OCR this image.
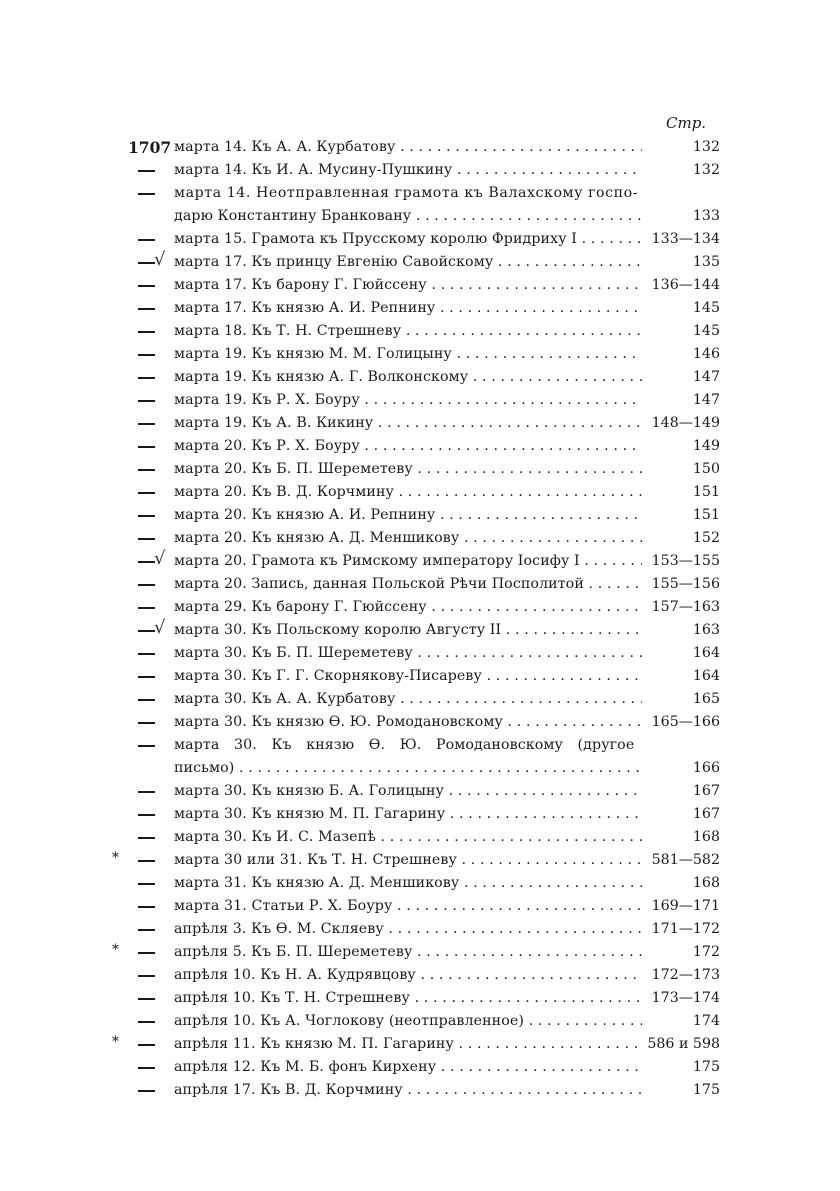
Стр.
1707 марта 14. Къ А. А. Курбатову . . .	132
марта 14. Къ И. А. Мусину-Пушкину . . .	132
марта 14. Неотправленная грамота къ Валахскому госпо-
дарю Константину Бранковану . . .	133
марта 15. Грамота къ Прусскому королю Фридриху I . . .	133—134
√ марта 17. Къ принцу Евгенію Савойскому . . .	135
марта 17. Къ барону Г. Гюйссену . . .	136—144
марта 17. Къ князю А. И. Репнину . . .	145
марта 18. Къ Т. Н. Стрешневу . . .	145
марта 19. Къ князю М. М. Голицыну . . .	146
марта 19. Къ князю А. Г. Волконскому . . .	147
марта 19. Къ Р. Х. Боуру . . .	147
марта 19. Къ А. В. Кикину . . .	148—149
марта 20. Къ Р. Х. Боуру . . .	149
марта 20. Къ Б. П. Шереметеву . . .	150
марта 20. Къ В. Д. Корчмину . . .	151
марта 20. Къ князю А. И. Репнину . . .	151
марта 20. Къ князю А. Д. Меншикову . . .	152
√ марта 20. Грамота къ Римскому императору Іосифу I . . .	153—155
марта 20. Запись, данная Польской Рѣчи Посполитой . . .	155—156
марта 29. Къ барону Г. Гюйссену . . .	157—163
√ марта 30. Къ Польскому королю Августу II . . .	163
марта 30. Къ Б. П. Шереметеву . . .	164
марта 30. Къ Г. Г. Скорнякову-Писареву . . .	164
марта 30. Къ А. А. Курбатову . . .	165
марта 30. Къ князю Ѳ. Ю. Ромодановскому . . .	165—166
марта 30. Къ князю Ѳ. Ю. Ромодановскому (другое
письмо) . . .	166
марта 30. Къ князю Б. А. Голицыну . . .	167
марта 30. Къ князю М. П. Гагарину . . .	167
марта 30. Къ И. С. Мазепѣ . . .	168
*	марта 30 или 31. Къ Т. Н. Стрешневу . . .	581—582
марта 31. Къ князю А. Д. Меншикову . . .	168
марта 31. Статьи Р. Х. Боуру . . .	169—171
апрѣля 3. Къ Ѳ. М. Скляеву . . .	171—172
*	апрѣля 5. Къ Б. П. Шереметеву . . .	172
апрѣля 10. Къ Н. А. Кудрявцову . . .	172—173
апрѣля 10. Къ Т. Н. Стрешневу . . .	173—174
апрѣля 10. Къ А. Чоглокову (неотправленное) . . .	174
*	апрѣля 11. Къ князю М. П. Гагарину . . .	586 и 598
апрѣля 12. Къ М. Б. фонъ Кирхену . . .	175
апрѣля 17. Къ В. Д. Корчмину . . .	175
